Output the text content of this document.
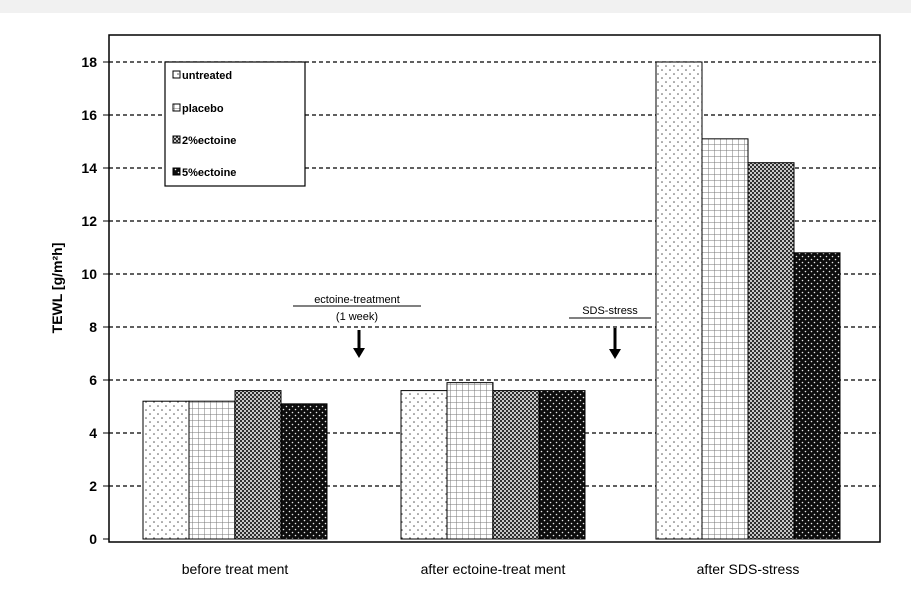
0
2
4
6
8
10
12
14
16
18
before treat ment	after ectoine-treat ment	after SDS-stress
TEWL [g/m²h]
untreated
placebo
2%ectoine
5%ectoine
ectoine-treatment
(1 week)	SDS-stress
